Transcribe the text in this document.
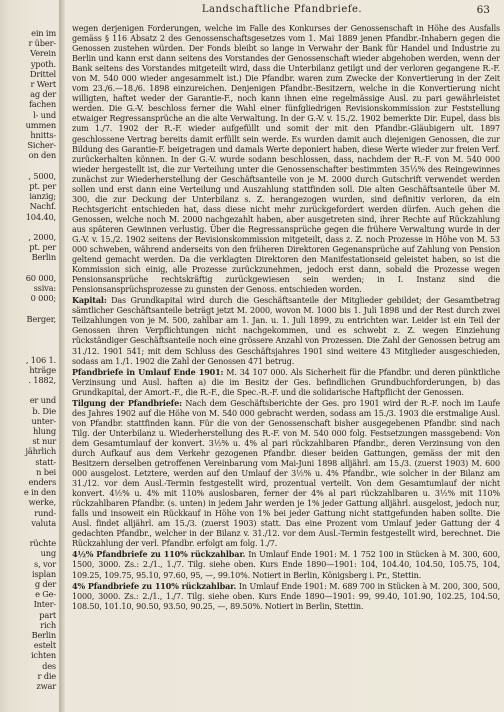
ein im
r über-
Verein
ypoth.
Drittel
r Wert
ag der
fachen
l- und
ummen
hnitts-
Sicher-
on den

, 5000,
pt. per
ianzig;
Nachf.
104.40,

, 2000,
pt. per
Berlin

60 000,
ssiva:
0 000;

Berger,

, 106 1.
hträge
. 1882,

er und
b. Die
unter-
hlung
st nur
jährlich
statt-
n bei
enders
e in den
werke,
rund-
valuta

rüchte
ung
s, vor
isplan
g der
e Ge-
Inter-
part
rich
Berlin
estelt
ichten
des
r die
zwar
Landschaftliche Pfandbriefe.	63

wegen derjenigen Forderungen, welche im Falle des Konkurses der Genossenschaft in Höhe des Ausfalls gemäss § 116 Absatz 2 des Genossenschaftsgesetzes vom 1. Mai 1889 jenen Pfandbr.-Inhabern gegen die Genossen zustehen würden. Der Fonds bleibt so lange in Verwahr der Bank für Handel und Industrie zu Berlin und kann erst dann seitens des Vorstandes der Genossenschaft wieder abgehoben werden, wenn der Bank seitens des Vorstandes mitgeteilt wird, dass die Unterbilanz getilgt und der verloren gegangene R.-F. von M. 540 000 wieder angesammelt ist.) Die Pfandbr. waren zum Zwecke der Konvertierung in der Zeit vom 23./6.—18./6. 1898 einzureichen. Denjenigen Pfandbr.-Besitzern, welche in die Konvertierung nicht willigten, haftet weder der Garantie-F., noch kann ihnen eine regelmässige Ausl. zu pari gewährleistet werden. Die G.-V. beschloss ferner die Wahl einer fünfgliedrigen Revisionskommission zur Feststellung etwaiger Regressansprüche an die alte Verwaltung. In der G.-V. v. 15./2. 1902 bemerkte Dir. Eupel, dass bis zum 1./7. 1902 der R.-F. wieder aufgefüllt und somit der mit den Pfandbr.-Gläubigern ult. 1897 geschlossene Vertrag bereits damit erfüllt sein werde. Es wurden damit auch diejenigen Genossen, die zur Bildung des Garantie-F. beigetragen und damals Werte deponiert haben, diese Werte wieder zur freien Verf. zurückerhalten können. In der G.-V. wurde sodann beschlossen, dass, nachdem der R.-F. von M. 540 000 wieder hergestellt ist, die zur Verteilung unter die Genossenschafter bestimmten 35⅓% des Reingewinnes zunächst zur Wiederherstellung der Geschäftsanteile von je M. 2000 durch Gutschrift verwendet werden sollen und erst dann eine Verteilung und Auszahlung stattfinden soll. Die alten Geschäftsanteile über M. 300, die zur Deckung der Unterbilanz s. Z. herangezogen wurden, sind definitiv verloren, da ein Rechtsgericht entschieden hat, dass diese nicht mehr zurückgefordert werden dürfen. Auch gehen die Genossen, welche noch M. 2000 nachgezahlt haben, aber ausgetreten sind, ihrer Rechte auf Rückzahlung aus späteren Gewinnen verlustig. Über die Regressansprüche gegen die frühere Verwaltung wurde in der G.-V. v. 15./2. 1902 seitens der Revisionskommission mitgeteilt, dass z. Z. noch Prozesse in Höhe von M. 53 000 schweben, während anderseits von den früheren Direktoren Gegenansprüche auf Zahlung von Pension geltend gemacht werden. Da die verklagten Direktoren den Manifestationseid geleistet haben, so ist die Kommission sich einig, alle Prozesse zurückzunehmen, jedoch erst dann, sobald die Prozesse wegen Pensionsansprüche rechtskräftig zurückgewiesen sein werden; in I. Instanz sind die Pensionsansprüchsprozesse zu gunsten der Genoss. entschieden worden.

Kapital: Das Grundkapital wird durch die Geschäftsanteile der Mitglieder gebildet; der Gesamtbetrag sämtlicher Geschäftsanteile beträgt jetzt M. 2000, wovon M. 1000 bis 1. Juli 1898 und der Rest durch zwei Teilzahlungen von je M. 500, zahlbar am 1. Jan. u. 1. Juli 1899, zu entrichten war. Leider ist ein Teil der Genossen ihren Verpflichtungen nicht nachgekommen, und es schwebt z. Z. wegen Einziehung rückständiger Geschäftsanteile noch eine grössere Anzahl von Prozessen. Die Zahl der Genossen betrug am 31./12. 1901 541; mit dem Schluss des Geschäftsjahres 1901 sind weitere 43 Mitglieder ausgeschieden, sodass am 1./1. 1902 die Zahl der Genossen 471 betrug.

Pfandbriefe in Umlauf Ende 1901: M. 34 107 000. Als Sicherheit für die Pfandbr. und deren pünktliche Verzinsung und Ausl. haften a) die im Besitz der Ges. befindlichen Grundbuchforderungen, b) das Grundkapital, der Amort.-F., die R.-F., die Spec.-R.-F. und die solidarische Haftpflicht der Genossen.

Tilgung der Pfandbriefe: Nach dem Geschäftsberichte der Ges. pro 1901 wird der R.-F. noch im Laufe des Jahres 1902 auf die Höhe von M. 540 000 gebracht werden, sodass am 15./3. 1903 die erstmalige Ausl. von Pfandbr. stattfinden kann. Für die von der Genossenschaft bisher ausgegebenen Pfandbr. sind nach Tilg. der Unterbilanz u. Wiederherstellung des R.-F. von M. 540 000 folg. Festsetzungen massgebend: Von dem Gesamtumlauf der konvert. 3½% u. 4% al pari rückzahlbaren Pfandbr., deren Verzinsung von den durch Aufkauf aus dem Verkehr gezogenen Pfandbr. dieser beiden Gattungen, gemäss der mit den Besitzern derselben getroffenen Vereinbarung vom Mai-Juni 1898 alljährl. am 15./3. (zuerst 1903) M. 600 000 ausgelost. Letztere, werden auf den Umlauf der 3½% u. 4% Pfandbr., wie solcher in der Bilanz am 31./12. vor dem Ausl.-Termin festgestellt wird, prozentual verteilt. Von dem Gesamtumlauf der nicht konvert. 4½% u. 4% mit 110% auslosbaren, ferner der 4% al pari rückzahlbaren u. 3½% mit 110% rückzahlbaren Pfandbr. (s. unten) in jedem Jahr werden je 1% jeder Gattung alljährl. ausgelost, jedoch nur, falls und insoweit ein Rückkauf in Höhe von 1% bei jeder Gattung nicht stattgefunden haben sollte. Die Ausl. findet alljährl. am 15./3. (zuerst 1903) statt. Das eine Prozent vom Umlauf jeder Gattung der 4 gedachten Pfandbr., welcher in der Bilanz v. 31./12. vor dem Ausl.-Termin festgestellt wird, berechnet. Die Rückzahlung der verl. Pfandbr. erfolgt am folg. 1./7.

4½% Pfandbriefe zu 110% rückzahlbar. In Umlauf Ende 1901: M. 1 752 100 in Stücken à M. 300, 600, 1500, 3000. Zs.: 2./1., 1./7. Tilg. siehe oben. Kurs Ende 1890—1901: 104, 104.40, 104.50, 105.75, 104, 109.25, 109.75, 95.10, 97.60, 95, —, 99.10%. Notiert in Berlin, Königsberg i. Pr., Stettin.

4% Pfandbriefe zu 110% rückzahlbar. In Umlauf Ende 1901: M. 689 700 in Stücken à M. 200, 300, 500, 1000, 3000. Zs.: 2./1., 1./7. Tilg. siehe oben. Kurs Ende 1890—1901: 99, 99.40, 101.90, 102.25, 104.50, 108.50, 101.10, 90.50, 93.50, 90.25, —, 89.50%. Notiert in Berlin, Stettin.
